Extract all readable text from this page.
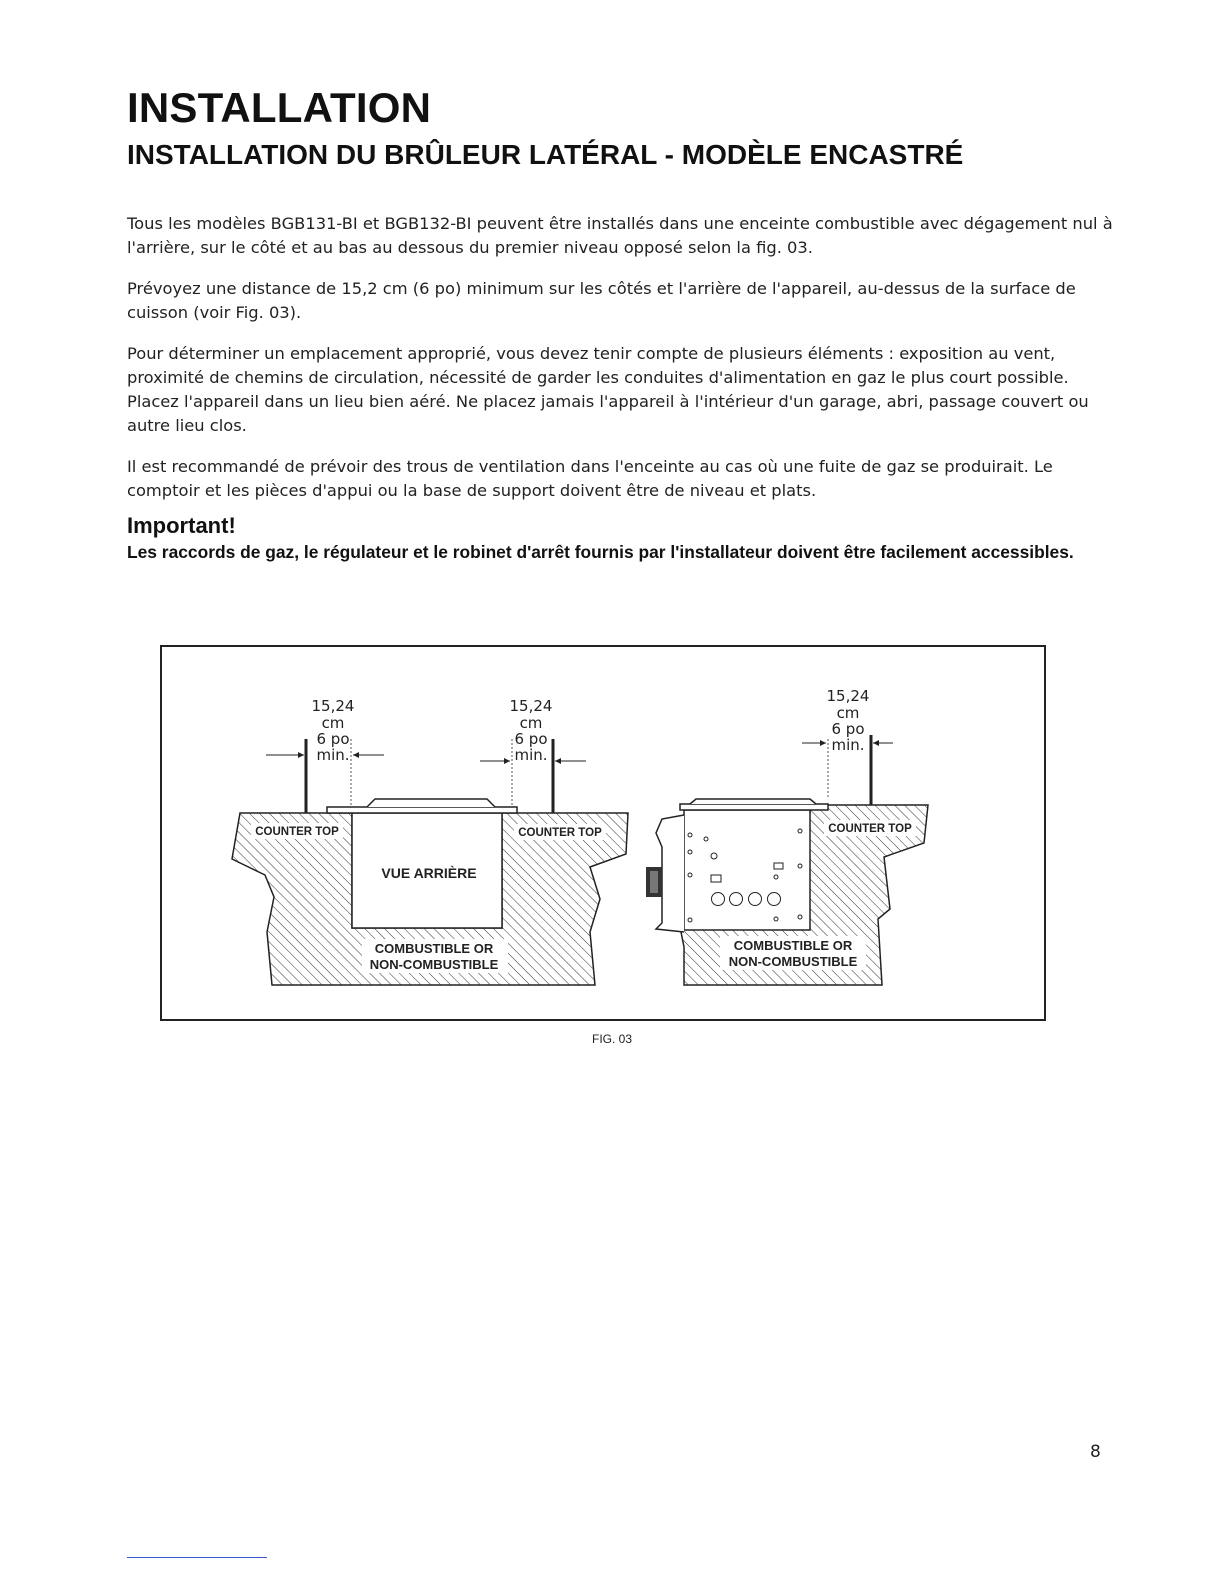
INSTALLATION
INSTALLATION DU BRÛLEUR LATÉRAL - MODÈLE ENCASTRÉ

Tous les modèles BGB131-BI et BGB132-BI peuvent être installés dans une enceinte combustible avec dégagement nul à l'arrière, sur le côté et au bas au dessous du premier niveau opposé selon la fig. 03.

Prévoyez une distance de 15,2 cm (6 po) minimum sur les côtés et l'arrière de l'appareil, au-dessus de la surface de cuisson (voir Fig. 03).

Pour déterminer un emplacement approprié, vous devez tenir compte de plusieurs éléments : exposition au vent, proximité de chemins de circulation, nécessité de garder les conduites d'alimentation en gaz le plus court possible. Placez l'appareil dans un lieu bien aéré. Ne placez jamais l'appareil à l'intérieur d'un garage, abri, passage couvert ou autre lieu clos.

Il est recommandé de prévoir des trous de ventilation dans l'enceinte au cas où une fuite de gaz se produirait. Le comptoir et les pièces d'appui ou la base de support doivent être de niveau et plats.

Important!

Les raccords de gaz, le régulateur et le robinet d'arrêt fournis par l'installateur doivent être facilement accessibles.

15,24
cm
6 po
min.
15,24
cm
6 po
min.
COUNTER TOP	COUNTER TOP
VUE ARRIÈRE
COMBUSTIBLE OR
NON-COMBUSTIBLE
15,24
cm
6 po
min.
COUNTER TOP
COMBUSTIBLE OR
NON-COMBUSTIBLE
FIG. 03
8
